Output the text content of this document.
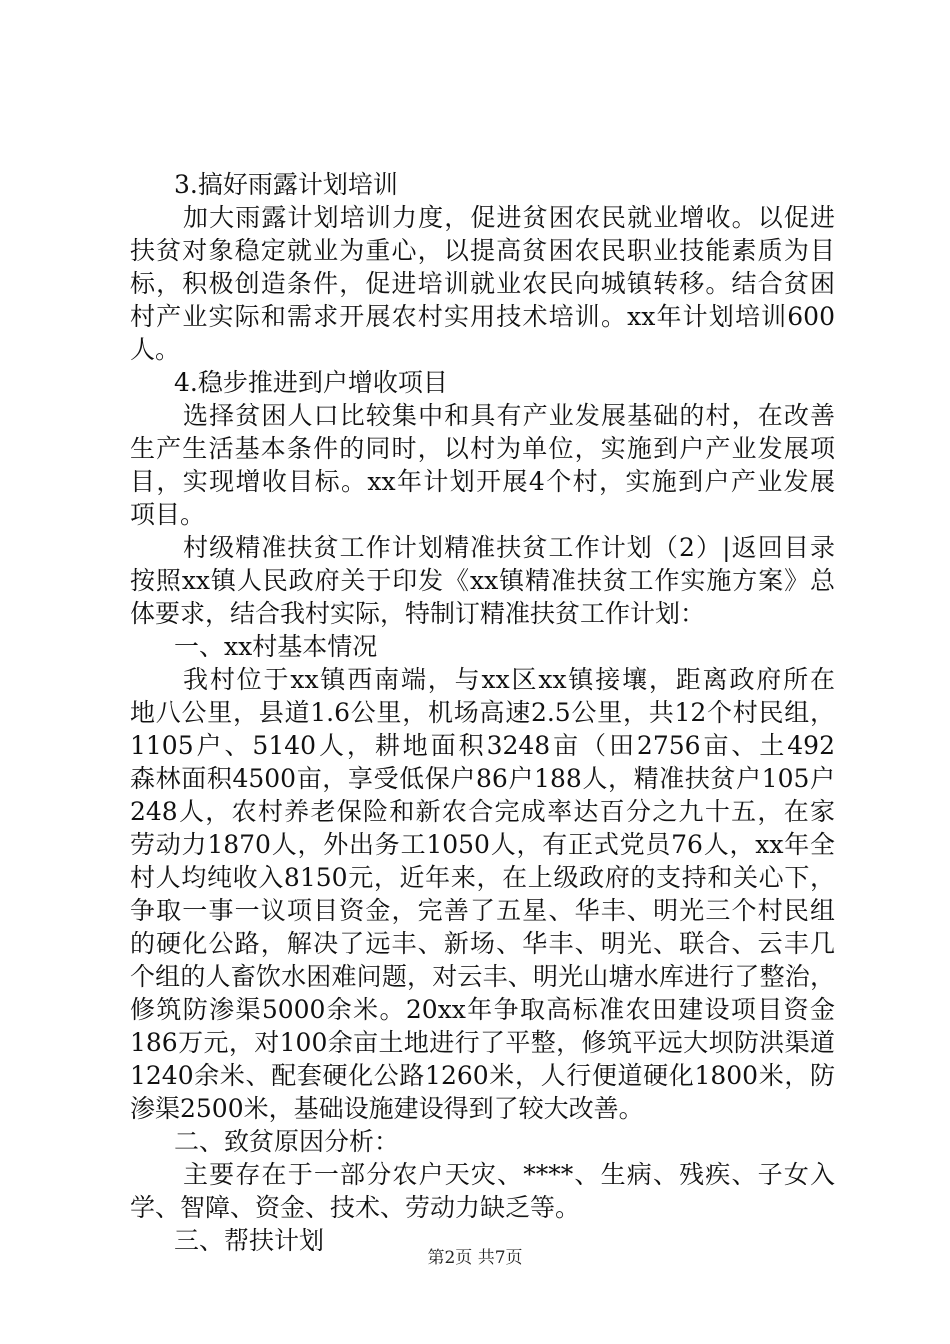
3.搞好雨露计划培训
加大雨露计划培训力度，促进贫困农民就业增收。以促进
扶贫对象稳定就业为重心，以提高贫困农民职业技能素质为目
标，积极创造条件，促进培训就业农民向城镇转移。结合贫困
村产业实际和需求开展农村实用技术培训。xx年计划培训600
人。
4.稳步推进到户增收项目
选择贫困人口比较集中和具有产业发展基础的村，在改善
生产生活基本条件的同时，以村为单位，实施到户产业发展项
目，实现增收目标。xx年计划开展4个村，实施到户产业发展
项目。
村级精准扶贫工作计划精准扶贫工作计划（2）|返回目录
按照xx镇人民政府关于印发《xx镇精准扶贫工作实施方案》总
体要求，结合我村实际，特制订精准扶贫工作计划：
一、xx村基本情况
我村位于xx镇西南端，与xx区xx镇接壤，距离政府所在
地八公里，县道1.6公里，机场高速2.5公里，共12个村民组，
1105户、5140人，耕地面积3248亩（田2756亩、土492
森林面积4500亩，享受低保户86户188人，精准扶贫户105户
248人，农村养老保险和新农合完成率达百分之九十五，在家
劳动力1870人，外出务工1050人，有正式党员76人，xx年全
村人均纯收入8150元，近年来，在上级政府的支持和关心下，
争取一事一议项目资金，完善了五星、华丰、明光三个村民组
的硬化公路，解决了远丰、新场、华丰、明光、联合、云丰几
个组的人畜饮水困难问题，对云丰、明光山塘水库进行了整治，
修筑防渗渠5000余米。20xx年争取高标准农田建设项目资金
186万元，对100余亩土地进行了平整，修筑平远大坝防洪渠道
1240余米、配套硬化公路1260米，人行便道硬化1800米，防
渗渠2500米，基础设施建设得到了较大改善。
二、致贫原因分析：
主要存在于一部分农户天灾、****、生病、残疾、子女入
学、智障、资金、技术、劳动力缺乏等。
三、帮扶计划
第2页 共7页
